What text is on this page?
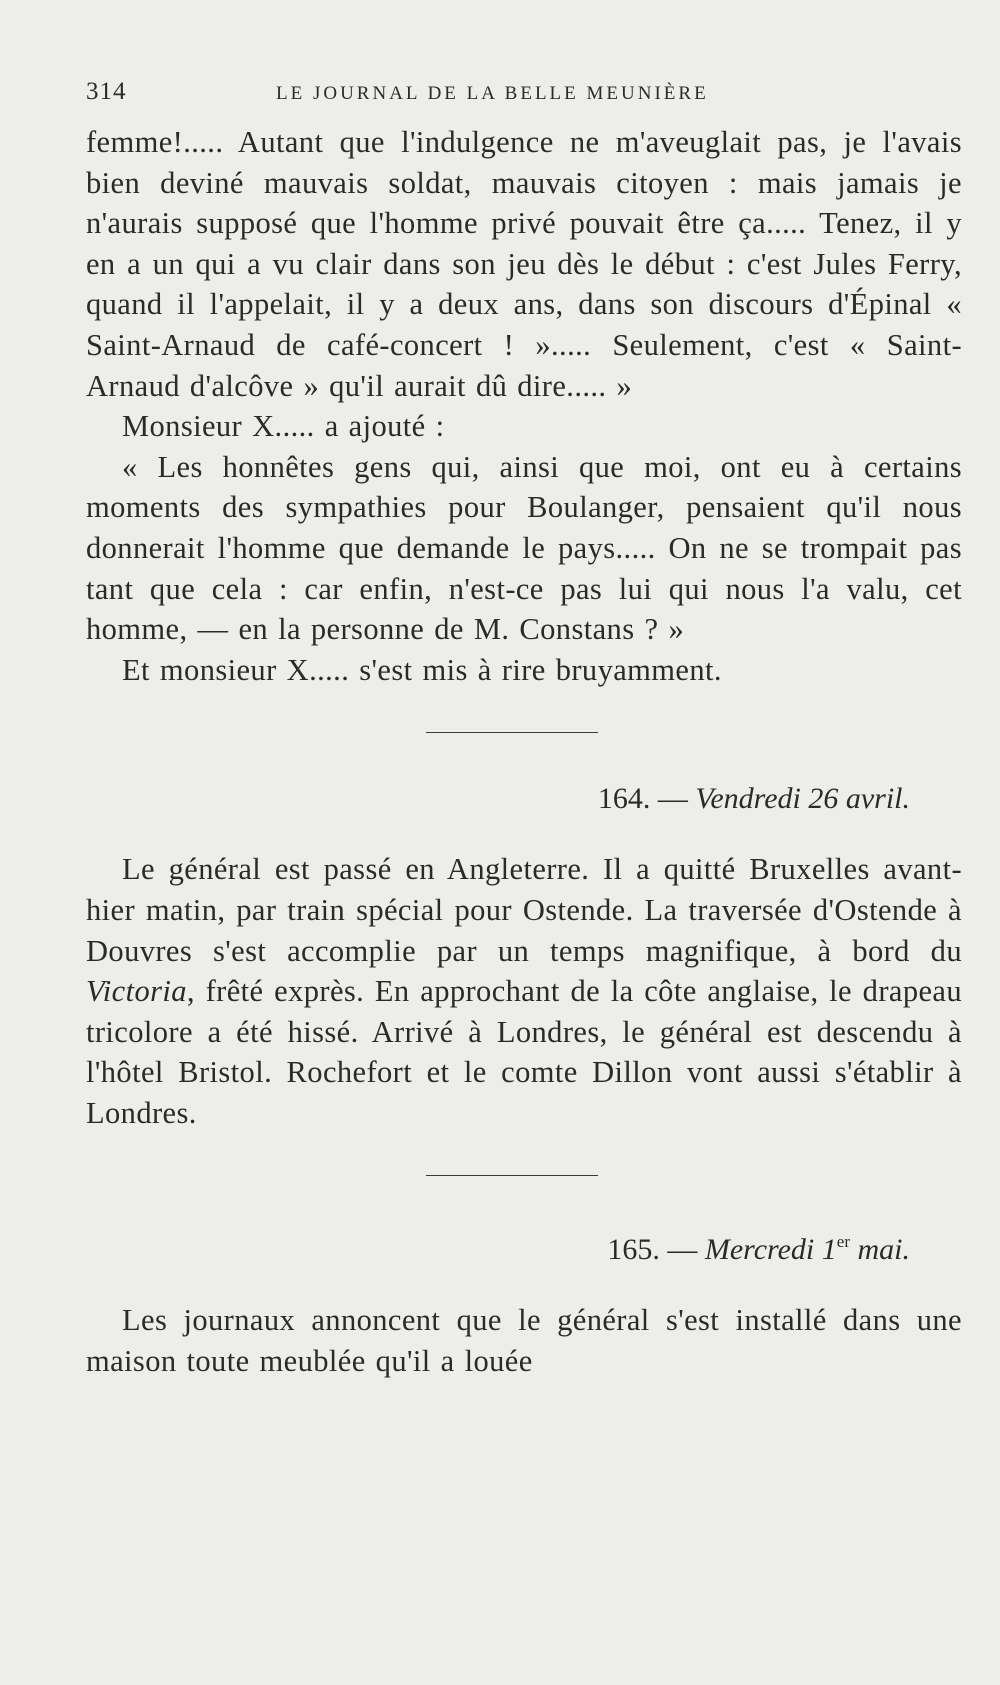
314	LE JOURNAL DE LA BELLE MEUNIÈRE

femme!..... Autant que l'indulgence ne m'aveuglait pas, je l'avais bien deviné mauvais soldat, mauvais citoyen : mais jamais je n'aurais supposé que l'homme privé pouvait être ça..... Tenez, il y en a un qui a vu clair dans son jeu dès le début : c'est Jules Ferry, quand il l'appelait, il y a deux ans, dans son discours d'Épinal « Saint-Arnaud de café-concert ! »..... Seulement, c'est « Saint-Arnaud d'alcôve » qu'il aurait dû dire..... »

Monsieur X..... a ajouté :

« Les honnêtes gens qui, ainsi que moi, ont eu à certains moments des sympathies pour Boulanger, pensaient qu'il nous donnerait l'homme que demande le pays..... On ne se trompait pas tant que cela : car enfin, n'est-ce pas lui qui nous l'a valu, cet homme, — en la personne de M. Constans ? »

Et monsieur X..... s'est mis à rire bruyamment.

164. — Vendredi 26 avril.

Le général est passé en Angleterre. Il a quitté Bruxelles avant-hier matin, par train spécial pour Ostende. La traversée d'Ostende à Douvres s'est accomplie par un temps magnifique, à bord du Victoria, frêté exprès. En approchant de la côte anglaise, le drapeau tricolore a été hissé. Arrivé à Londres, le général est descendu à l'hôtel Bristol. Rochefort et le comte Dillon vont aussi s'établir à Londres.

165. — Mercredi 1er mai.

Les journaux annoncent que le général s'est installé dans une maison toute meublée qu'il a louée
